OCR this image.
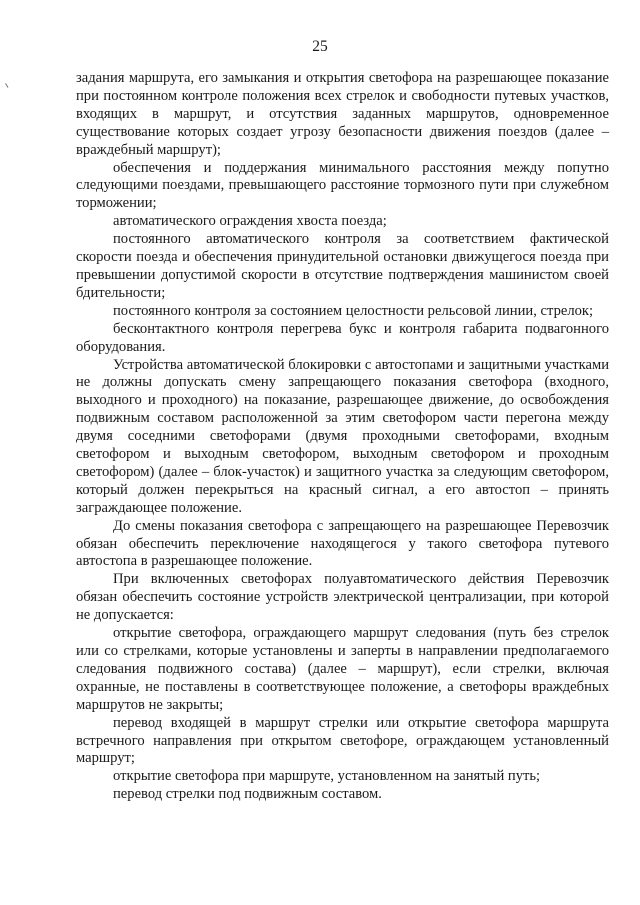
25

задания маршрута, его замыкания и открытия светофора на разрешающее показание при постоянном контроле положения всех стрелок и свободности путевых участков, входящих в маршрут, и отсутствия заданных маршрутов, одновременное существование которых создает угрозу безопасности движения поездов (далее – враждебный маршрут);

обеспечения и поддержания минимального расстояния между попутно следующими поездами, превышающего расстояние тормозного пути при служебном торможении;

автоматического ограждения хвоста поезда;

постоянного автоматического контроля за соответствием фактической скорости поезда и обеспечения принудительной остановки движущегося поезда при превышении допустимой скорости в отсутствие подтверждения машинистом своей бдительности;

постоянного контроля за состоянием целостности рельсовой линии, стрелок;

бесконтактного контроля перегрева букс и контроля габарита подвагонного оборудования.

Устройства автоматической блокировки с автостопами и защитными участками не должны допускать смену запрещающего показания светофора (входного, выходного и проходного) на показание, разрешающее движение, до освобождения подвижным составом расположенной за этим светофором части перегона между двумя соседними светофорами (двумя проходными светофорами, входным светофором и выходным светофором, выходным светофором и проходным светофором) (далее – блок-участок) и защитного участка за следующим светофором, который должен перекрыться на красный сигнал, а его автостоп – принять заграждающее положение.

До смены показания светофора с запрещающего на разрешающее Перевозчик обязан обеспечить переключение находящегося у такого светофора путевого автостопа в разрешающее положение.

При включенных светофорах полуавтоматического действия Перевозчик обязан обеспечить состояние устройств электрической централизации, при которой не допускается:

открытие светофора, ограждающего маршрут следования (путь без стрелок или со стрелками, которые установлены и заперты в направлении предполагаемого следования подвижного состава) (далее – маршрут), если стрелки, включая охранные, не поставлены в соответствующее положение, а светофоры враждебных маршрутов не закрыты;

перевод входящей в маршрут стрелки или открытие светофора маршрута встречного направления при открытом светофоре, ограждающем установленный маршрут;

открытие светофора при маршруте, установленном на занятый путь;

перевод стрелки под подвижным составом.
